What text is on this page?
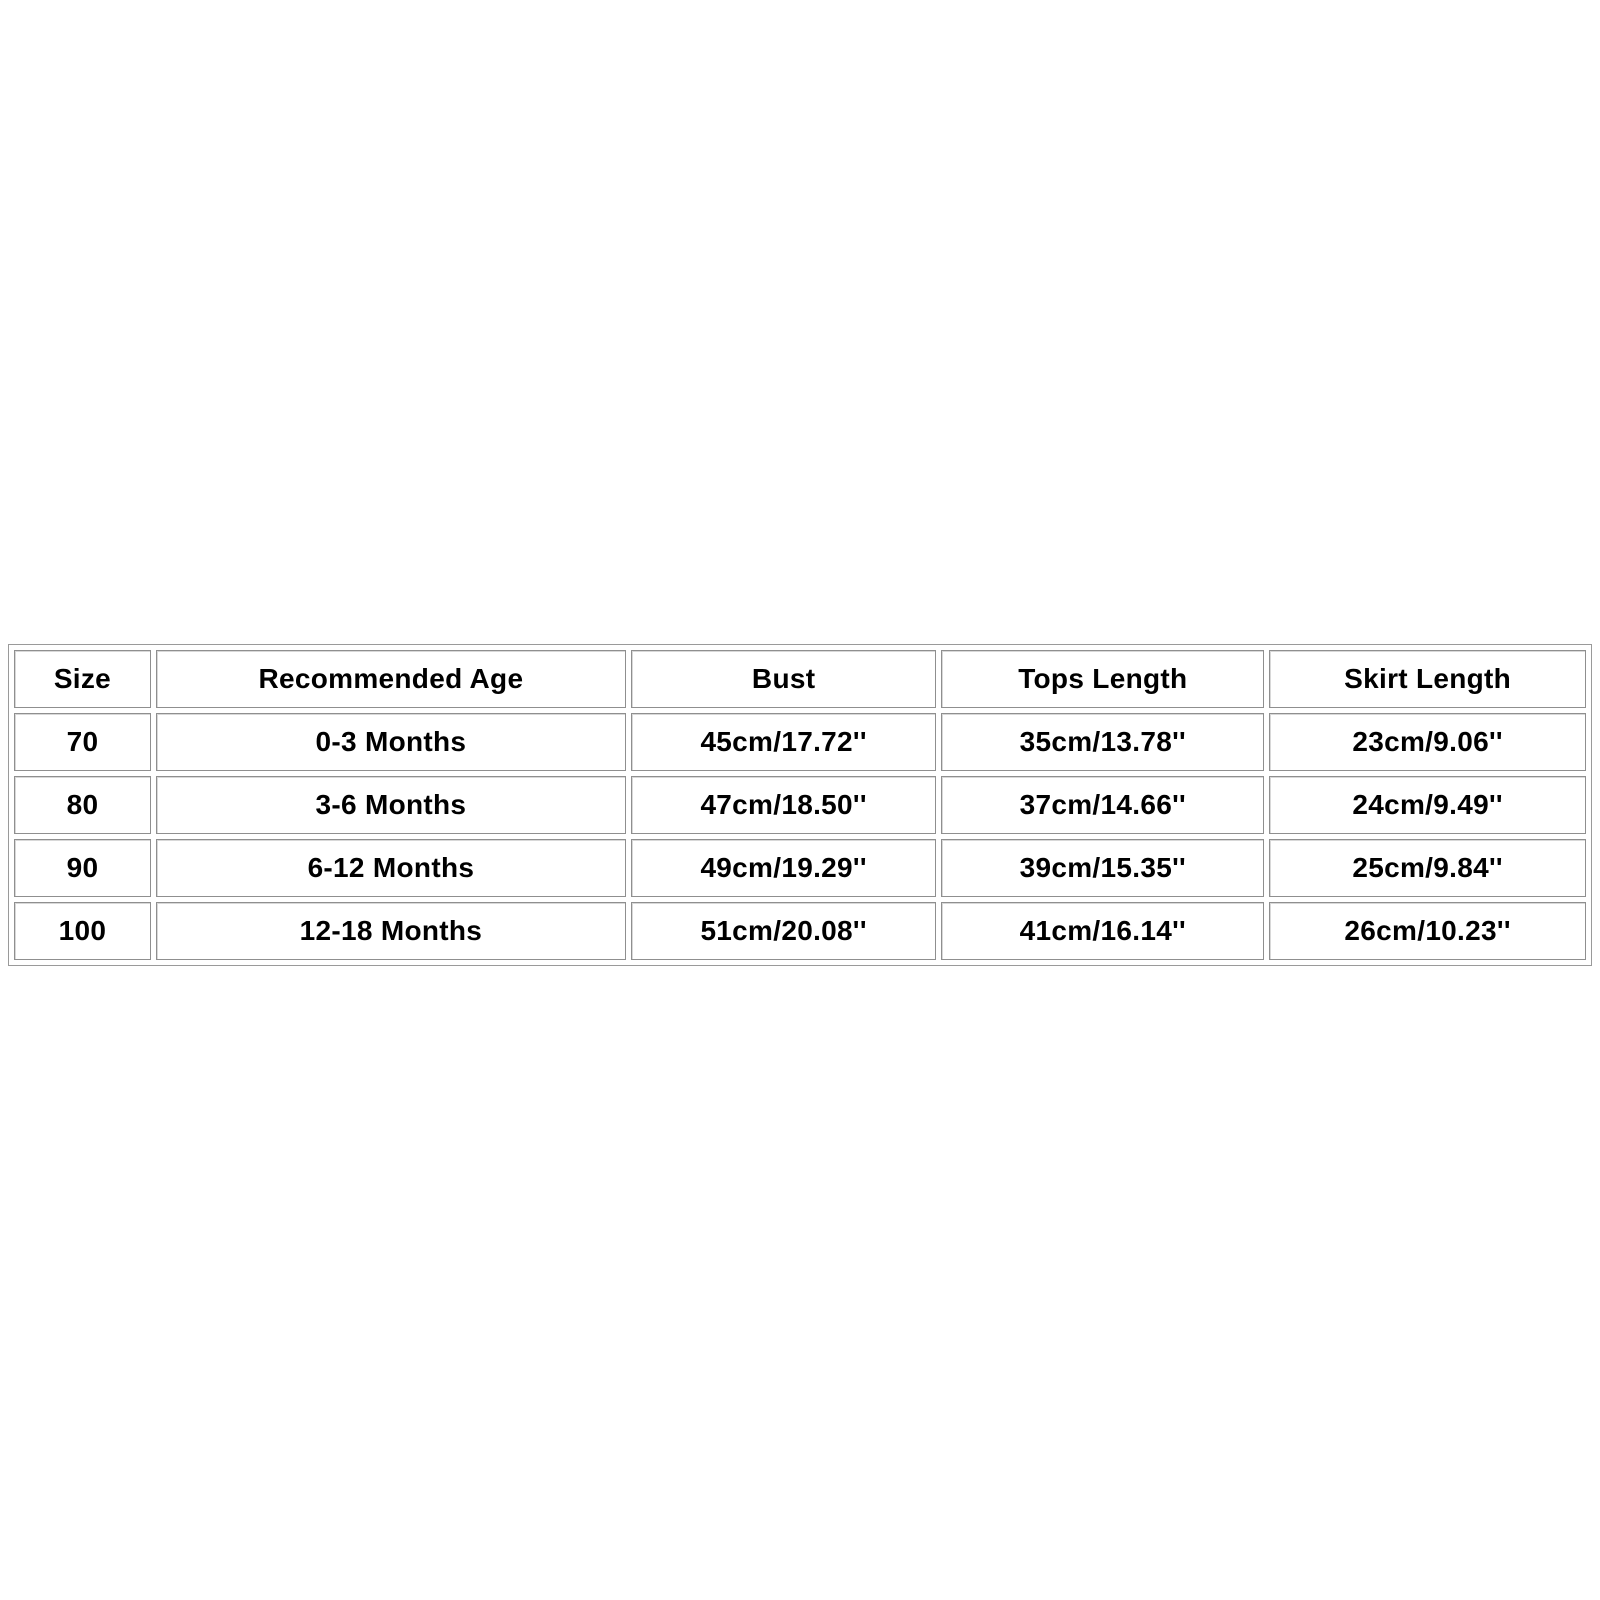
Size	Recommended Age	Bust	Tops Length	Skirt Length
70	0-3 Months	45cm/17.72''	35cm/13.78''	23cm/9.06''
80	3-6 Months	47cm/18.50''	37cm/14.66''	24cm/9.49''
90	6-12 Months	49cm/19.29''	39cm/15.35''	25cm/9.84''
100	12-18 Months	51cm/20.08''	41cm/16.14''	26cm/10.23''
